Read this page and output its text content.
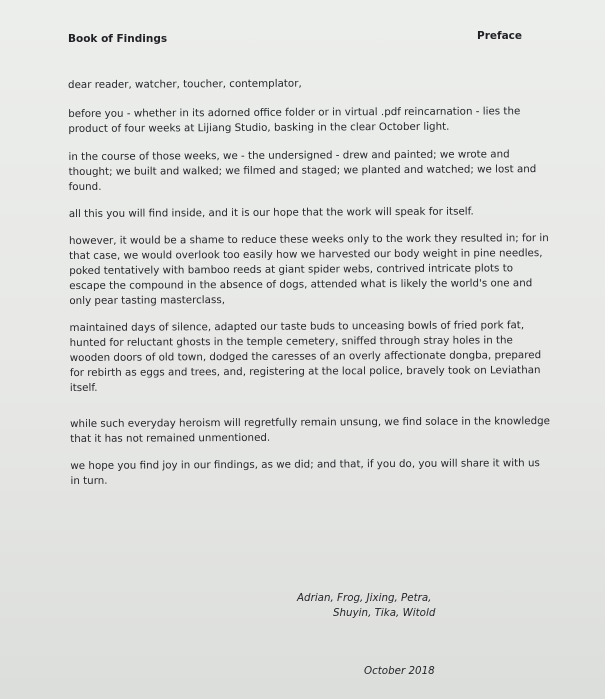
Book of Findings	Preface

dear reader, watcher, toucher, contemplator,

before you - whether in its adorned office folder or in virtual .pdf reincarnation - lies the product of four weeks at Lijiang Studio, basking in the clear October light.

in the course of those weeks, we - the undersigned - drew and painted; we wrote and thought; we built and walked; we filmed and staged; we planted and watched; we lost and found.

all this you will find inside, and it is our hope that the work will speak for itself.

however, it would be a shame to reduce these weeks only to the work they resulted in; for in that case, we would overlook too easily how we harvested our body weight in pine needles, poked tentatively with bamboo reeds at giant spider webs, contrived intricate plots to escape the compound in the absence of dogs, attended what is likely the world's one and only pear tasting masterclass,

maintained days of silence, adapted our taste buds to unceasing bowls of fried pork fat, hunted for reluctant ghosts in the temple cemetery, sniffed through stray holes in the wooden doors of old town, dodged the caresses of an overly affectionate dongba, prepared for rebirth as eggs and trees, and, registering at the local police, bravely took on Leviathan itself.

while such everyday heroism will regretfully remain unsung, we find solace in the knowledge that it has not remained unmentioned.

we hope you find joy in our findings, as we did; and that, if you do, you will share it with us in turn.

Adrian, Frog, Jixing, Petra,
Shuyin, Tika, Witold
October 2018
